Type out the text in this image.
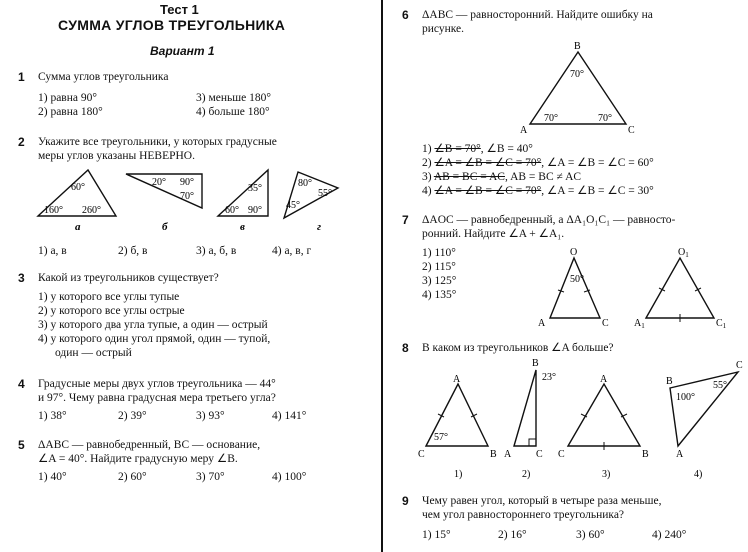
Тест 1
СУММА УГЛОВ ТРЕУГОЛЬНИКА
Вариант 1
1 Сумма углов треугольника
1) равна 90°
2) равна 180°
3) меньше 180°
4) больше 180°
2 Укажите все треугольники, у которых градусные
меры углов указаны НЕВЕРНО.
60°
160° 260°
а
20° 90°
70°
б
35°
60° 90°
в
80°
55°
45°
г
1) а, в	2) б, в	3) а, б, в	4) а, в, г
3 Какой из треугольников существует?
1) у которого все углы тупые
2) у которого все углы острые
3) у которого два угла тупые, а один — острый
4) у которого один угол прямой, один — тупой,
один — острый
4 Градусные меры двух углов треугольника — 44°
и 97°. Чему равна градусная мера третьего угла?
1) 38°	2) 39°	3) 93°	4) 141°
5 ΔABC — равнобедренный, BC — основание,
∠A = 40°. Найдите градусную меру ∠B.
1) 40°	2) 60°	3) 70°	4) 100°
6 ΔABC — равносторонний. Найдите ошибку на
рисунке.
B
A	C
70°
70°	70°
1) ∠B = 70°, ∠B = 40°
2) ∠A = ∠B = ∠C = 70°, ∠A = ∠B = ∠C = 60°
3) AB = BC = AC, AB = BC ≠ AC
4) ∠A = ∠B = ∠C = 70°, ∠A = ∠B = ∠C = 30°
7 ΔAOC — равнобедренный, а ΔA₁O₁C₁ — равносто-
ронний. Найдите ∠A + ∠A₁.
1) 110°
2) 115°
3) 125°
4) 135°
O
A	C
50°
$O_1$
$A_1$	$C_1$
8 В каком из треугольников ∠A больше?
A
C	B
57°
1)
B
A C
23°
2)
A
C	B
3)
B
C
A
100°
55°
4)
9 Чему равен угол, который в четыре раза меньше,
чем угол равностороннего треугольника?
1) 15°	2) 16°	3) 60°	4) 240°
